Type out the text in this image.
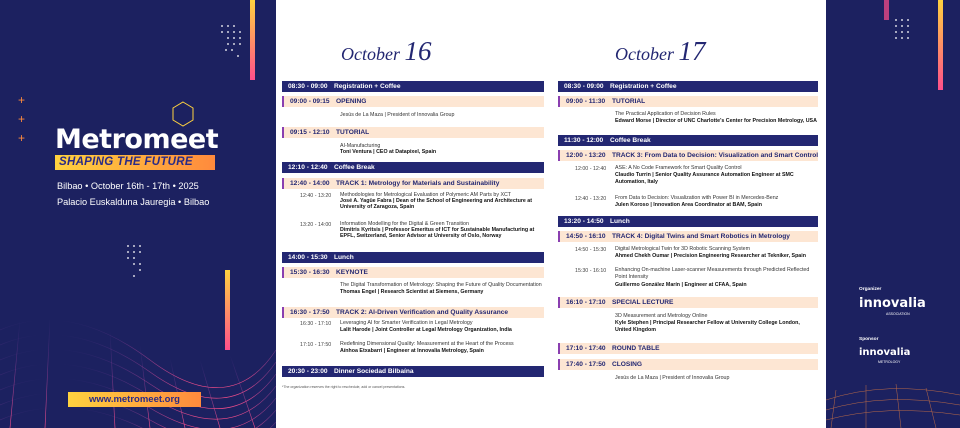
+
+
+ Metromeet
SHAPING THE FUTURE
Bilbao • October 16th - 17th • 2025
Palacio Euskalduna Jauregia • Bilbao
www.metromeet.org
October 16	October 17
08:30 - 09:00 Registration + Coffee
09:00 - 09:15 OPENING
Jesús de La Maza | President of Innovalia Group
09:15 - 12:10 TUTORIAL
AI-Manufacturing
Toni Ventura | CEO at Datapixel, Spain
12:10 - 12:40 Coffee Break
12:40 - 14:00 TRACK 1: Metrology for Materials and Sustainability
12:40 - 13:20 Methodologies for Metrological Evaluation of Polymeric AM Parts by XCT
José A. Yagüe Fabra | Dean of the School of Engineering and Architecture at
University of Zaragoza, Spain
13:20 - 14:00 Information Modelling for the Digital & Green Transition
Dimitris Kyritsis | Professor Emeritus of ICT for Sustainable Manufacturing at
EPFL, Switzerland, Senior Advisor at University of Oslo, Norway
14:00 - 15:30 Lunch
15:30 - 16:30 KEYNOTE
The Digital Transformation of Metrology: Shaping the Future of Quality Documentation
Thomas Engel | Research Scientist at Siemens, Germany
16:30 - 17:50 TRACK 2: AI-Driven Verification and Quality Assurance
16:30 - 17:10 Leveraging AI for Smarter Verification in Legal Metrology
Lalit Harode | Joint Controller at Legal Metrology Organization, India
17:10 - 17:50 Redefining Dimensional Quality: Measurement at the Heart of the Process
Aínhoa Etxabarri | Engineer at Innovalia Metrology, Spain
20:30 - 23:00 Dinner Sociedad Bilbaína
*The organization reserves the right to reschedule, add or cancel presentations.
08:30 - 09:00 Registration + Coffee
09:00 - 11:30 TUTORIAL
The Practical Application of Decision Rules
Edward Morse | Director of UNC Charlotte's Center for Precision Metrology, USA
11:30 - 12:00 Coffee Break
12:00 - 13:20 TRACK 3: From Data to Decision: Visualization and Smart Control
12:00 - 12:40 ASE: A No Code Framework for Smart Quality Control
Claudio Turrin | Senior Quality Assurance Automation Engineer at SMC
Automation, Italy
12:40 - 13:20 From Data to Decision: Visualization with Power BI in Mercedes-Benz
Julen Koroso | Innovation Area Coordinator at BAM, Spain
13:20 - 14:50 Lunch
14:50 - 16:10 TRACK 4: Digital Twins and Smart Robotics in Metrology
14:50 - 15:30 Digital Metrological Twin for 3D Robotic Scanning System
Ahmed Chekh Oumar | Precision Engineering Researcher at Tekniker, Spain
15:30 - 16:10 Enhancing On-machine Laser-scanner Measurements through Predicted Reflected
Point Intensity
Guillermo González Marín | Engineer at CFAA, Spain
16:10 - 17:10 SPECIAL LECTURE
3D Measurement and Metrology Online
Kyle Stephen | Principal Researcher Fellow at University College London,
United Kingdom
17:10 - 17:40 ROUND TABLE
17:40 - 17:50 CLOSING
Jesús de La Maza | President of Innovalia Group
Organizer
innovalia
ASSOCIATION
Sponsor
innovalia
METROLOGY
